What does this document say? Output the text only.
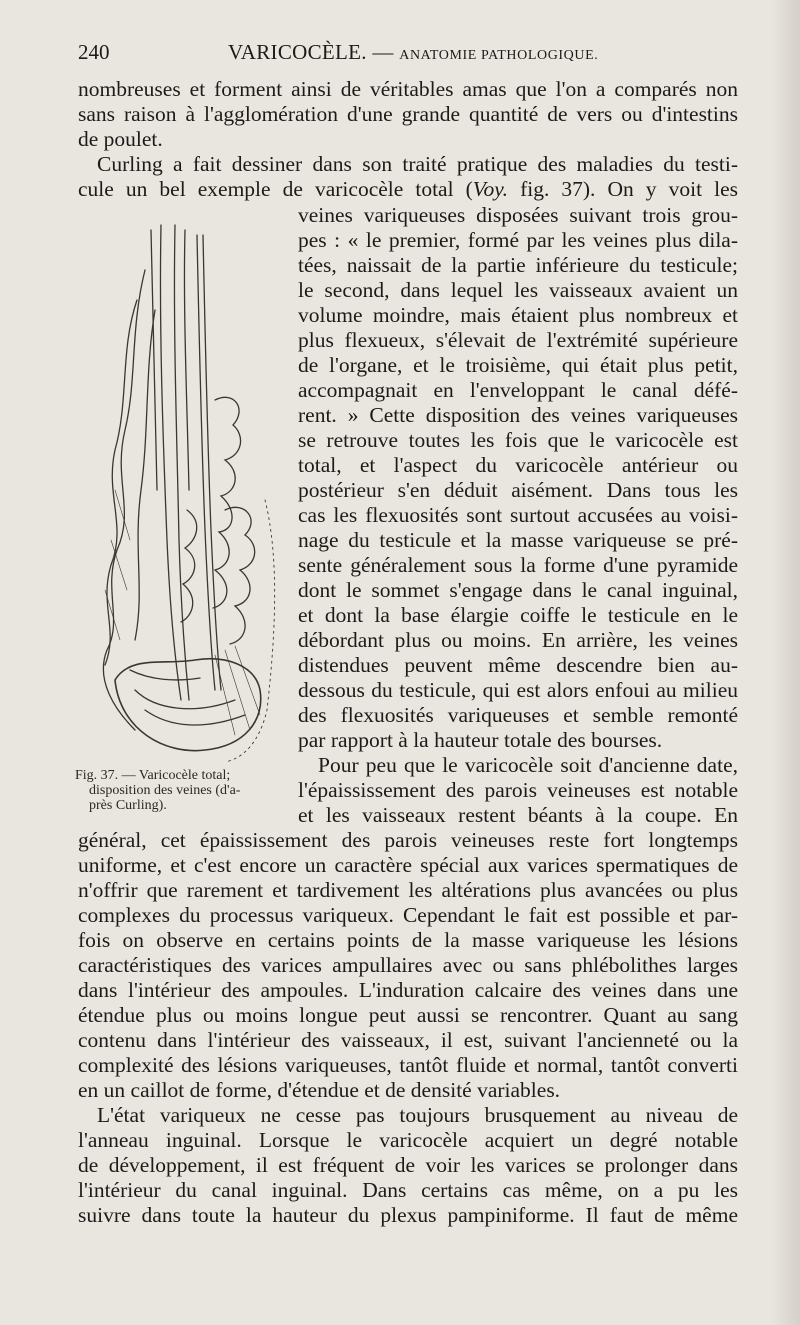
240	VARICOCÈLE. — ANATOMIE PATHOLOGIQUE.
nombreuses et forment ainsi de véritables amas que l'on a comparés non
sans raison à l'agglomération d'une grande quantité de vers ou d'intestins
de poulet.
Curling a fait dessiner dans son traité pratique des maladies du testi-
cule un bel exemple de varicocèle total (Voy. fig. 37). On y voit les
veines variqueuses disposées suivant trois grou-
pes : « le premier, formé par les veines plus dila-
tées, naissait de la partie inférieure du testicule;
le second, dans lequel les vaisseaux avaient un
volume moindre, mais étaient plus nombreux et
plus flexueux, s'élevait de l'extrémité supérieure
de l'organe, et le troisième, qui était plus petit,
accompagnait en l'enveloppant le canal défé-
rent. » Cette disposition des veines variqueuses
se retrouve toutes les fois que le varicocèle est
total, et l'aspect du varicocèle antérieur ou
postérieur s'en déduit aisément. Dans tous les
cas les flexuosités sont surtout accusées au voisi-
nage du testicule et la masse variqueuse se pré-
sente généralement sous la forme d'une pyramide
dont le sommet s'engage dans le canal inguinal,
et dont la base élargie coiffe le testicule en le
débordant plus ou moins. En arrière, les veines
distendues peuvent même descendre bien au-
dessous du testicule, qui est alors enfoui au milieu
des flexuosités variqueuses et semble remonté
par rapport à la hauteur totale des bourses.
Pour peu que le varicocèle soit d'ancienne date,
l'épaississement des parois veineuses est notable
et les vaisseaux restent béants à la coupe. En
général, cet épaississement des parois veineuses reste fort longtemps
uniforme, et c'est encore un caractère spécial aux varices spermatiques de
n'offrir que rarement et tardivement les altérations plus avancées ou plus
complexes du processus variqueux. Cependant le fait est possible et par-
fois on observe en certains points de la masse variqueuse les lésions
caractéristiques des varices ampullaires avec ou sans phlébolithes larges
dans l'intérieur des ampoules. L'induration calcaire des veines dans une
étendue plus ou moins longue peut aussi se rencontrer. Quant au sang
contenu dans l'intérieur des vaisseaux, il est, suivant l'ancienneté ou la
complexité des lésions variqueuses, tantôt fluide et normal, tantôt converti
en un caillot de forme, d'étendue et de densité variables.
L'état variqueux ne cesse pas toujours brusquement au niveau de
l'anneau inguinal. Lorsque le varicocèle acquiert un degré notable
de développement, il est fréquent de voir les varices se prolonger dans
l'intérieur du canal inguinal. Dans certains cas même, on a pu les
suivre dans toute la hauteur du plexus pampiniforme. Il faut de même
Fig. 37. — Varicocèle total;
disposition des veines (d'a-
près Curling).
